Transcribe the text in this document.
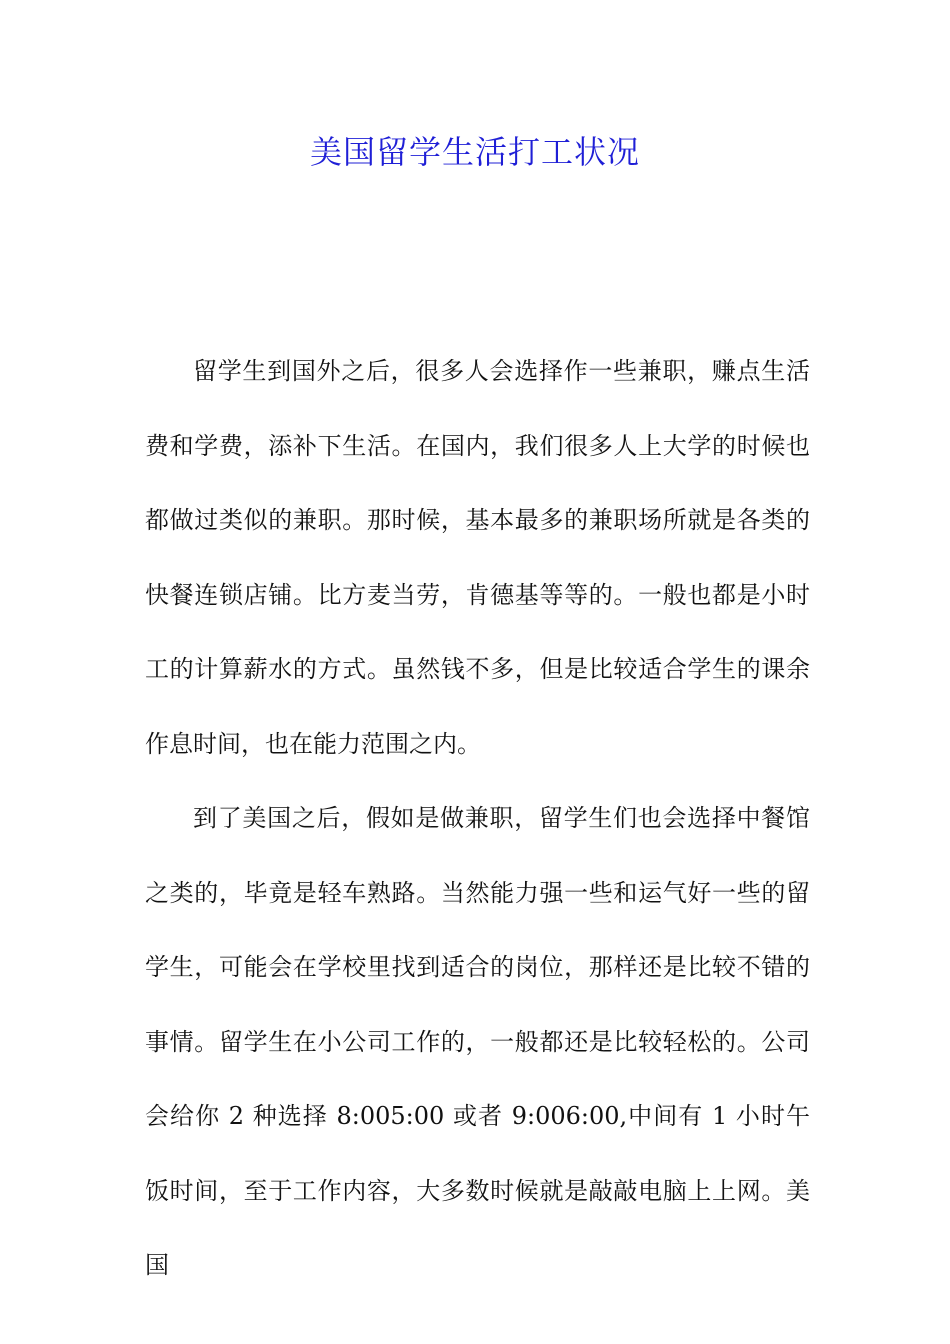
美国留学生活打工状况

留学生到国外之后，很多人会选择作一些兼职，赚点生活费和学费，添补下生活。在国内，我们很多人上大学的时候也都做过类似的兼职。那时候，基本最多的兼职场所就是各类的快餐连锁店铺。比方麦当劳，肯德基等等的。一般也都是小时工的计算薪水的方式。虽然钱不多，但是比较适合学生的课余作息时间，也在能力范围之内。

到了美国之后，假如是做兼职，留学生们也会选择中餐馆之类的，毕竟是轻车熟路。当然能力强一些和运气好一些的留学生，可能会在学校里找到适合的岗位，那样还是比较不错的事情。留学生在小公司工作的，一般都还是比较轻松的。公司会给你 2 种选择 8:005:00 或者 9:006:00,中间有 1 小时午饭时间，至于工作内容，大多数时候就是敲敲电脑上上网。美国
